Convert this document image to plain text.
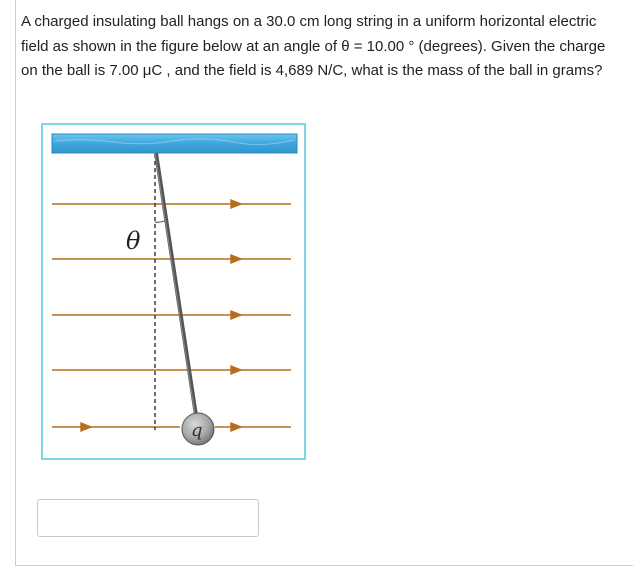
A charged insulating ball hangs on a 30.0 cm long string in a uniform horizontal electric field as shown in the figure below at an angle of θ = 10.00 ° (degrees). Given the charge on the ball is 7.00 μC , and the field is 4,689 N/C, what is the mass of the ball in grams?
θ
q
